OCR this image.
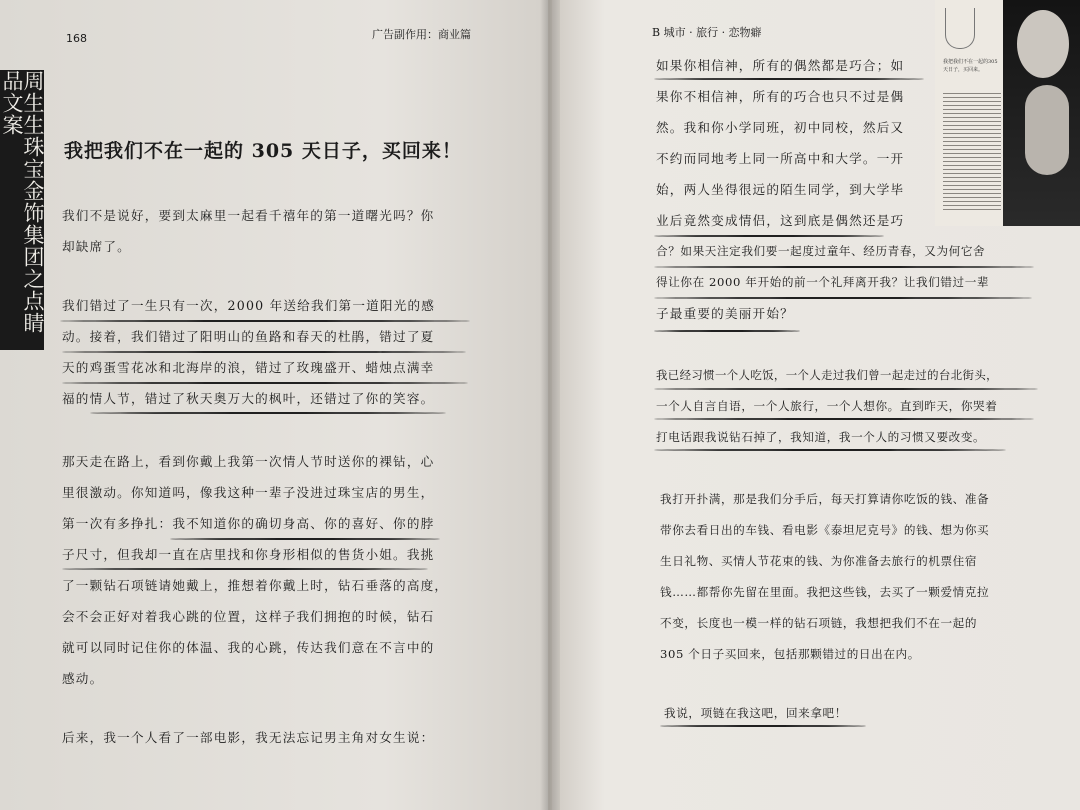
168	广告副作用：商业篇
周生生珠宝金饰集团之点睛品文案
我把我们不在一起的 305 天日子，买回来！
我们不是说好，要到太麻里一起看千禧年的第一道曙光吗？你
却缺席了。
我们错过了一生只有一次，2000 年送给我们第一道阳光的感
动。接着，我们错过了阳明山的鱼路和春天的杜鹃，错过了夏
天的鸡蛋雪花冰和北海岸的浪，错过了玫瑰盛开、蜡烛点满幸
福的情人节，错过了秋天奥万大的枫叶，还错过了你的笑容。
那天走在路上，看到你戴上我第一次情人节时送你的裸钻，心
里很激动。你知道吗，像我这种一辈子没进过珠宝店的男生，
第一次有多挣扎：我不知道你的确切身高、你的喜好、你的脖
子尺寸，但我却一直在店里找和你身形相似的售货小姐。我挑
了一颗钻石项链请她戴上，推想着你戴上时，钻石垂落的高度，
会不会正好对着我心跳的位置，这样子我们拥抱的时候，钻石
就可以同时记住你的体温、我的心跳，传达我们意在不言中的
感动。
后来，我一个人看了一部电影，我无法忘记男主角对女生说：
B 城市 · 旅行 · 恋物癖
我把我们不在一起的305天日子，买回来。
如果你相信神，所有的偶然都是巧合；如
果你不相信神，所有的巧合也只不过是偶
然。我和你小学同班，初中同校，然后又
不约而同地考上同一所高中和大学。一开
始，两人坐得很远的陌生同学，到大学毕
业后竟然变成情侣，这到底是偶然还是巧
合？如果天注定我们要一起度过童年、经历青春，又为何它舍
得让你在 2000 年开始的前一个礼拜离开我？让我们错过一辈
子最重要的美丽开始？
我已经习惯一个人吃饭，一个人走过我们曾一起走过的台北街头，
一个人自言自语，一个人旅行，一个人想你。直到昨天，你哭着
打电话跟我说钻石掉了，我知道，我一个人的习惯又要改变。
我打开扑满，那是我们分手后，每天打算请你吃饭的钱、准备
带你去看日出的车钱、看电影《泰坦尼克号》的钱、想为你买
生日礼物、买情人节花束的钱、为你准备去旅行的机票住宿
钱……都帮你先留在里面。我把这些钱，去买了一颗爱情克拉
不变，长度也一模一样的钻石项链，我想把我们不在一起的
305 个日子买回来，包括那颗错过的日出在内。
我说，项链在我这吧，回来拿吧！
